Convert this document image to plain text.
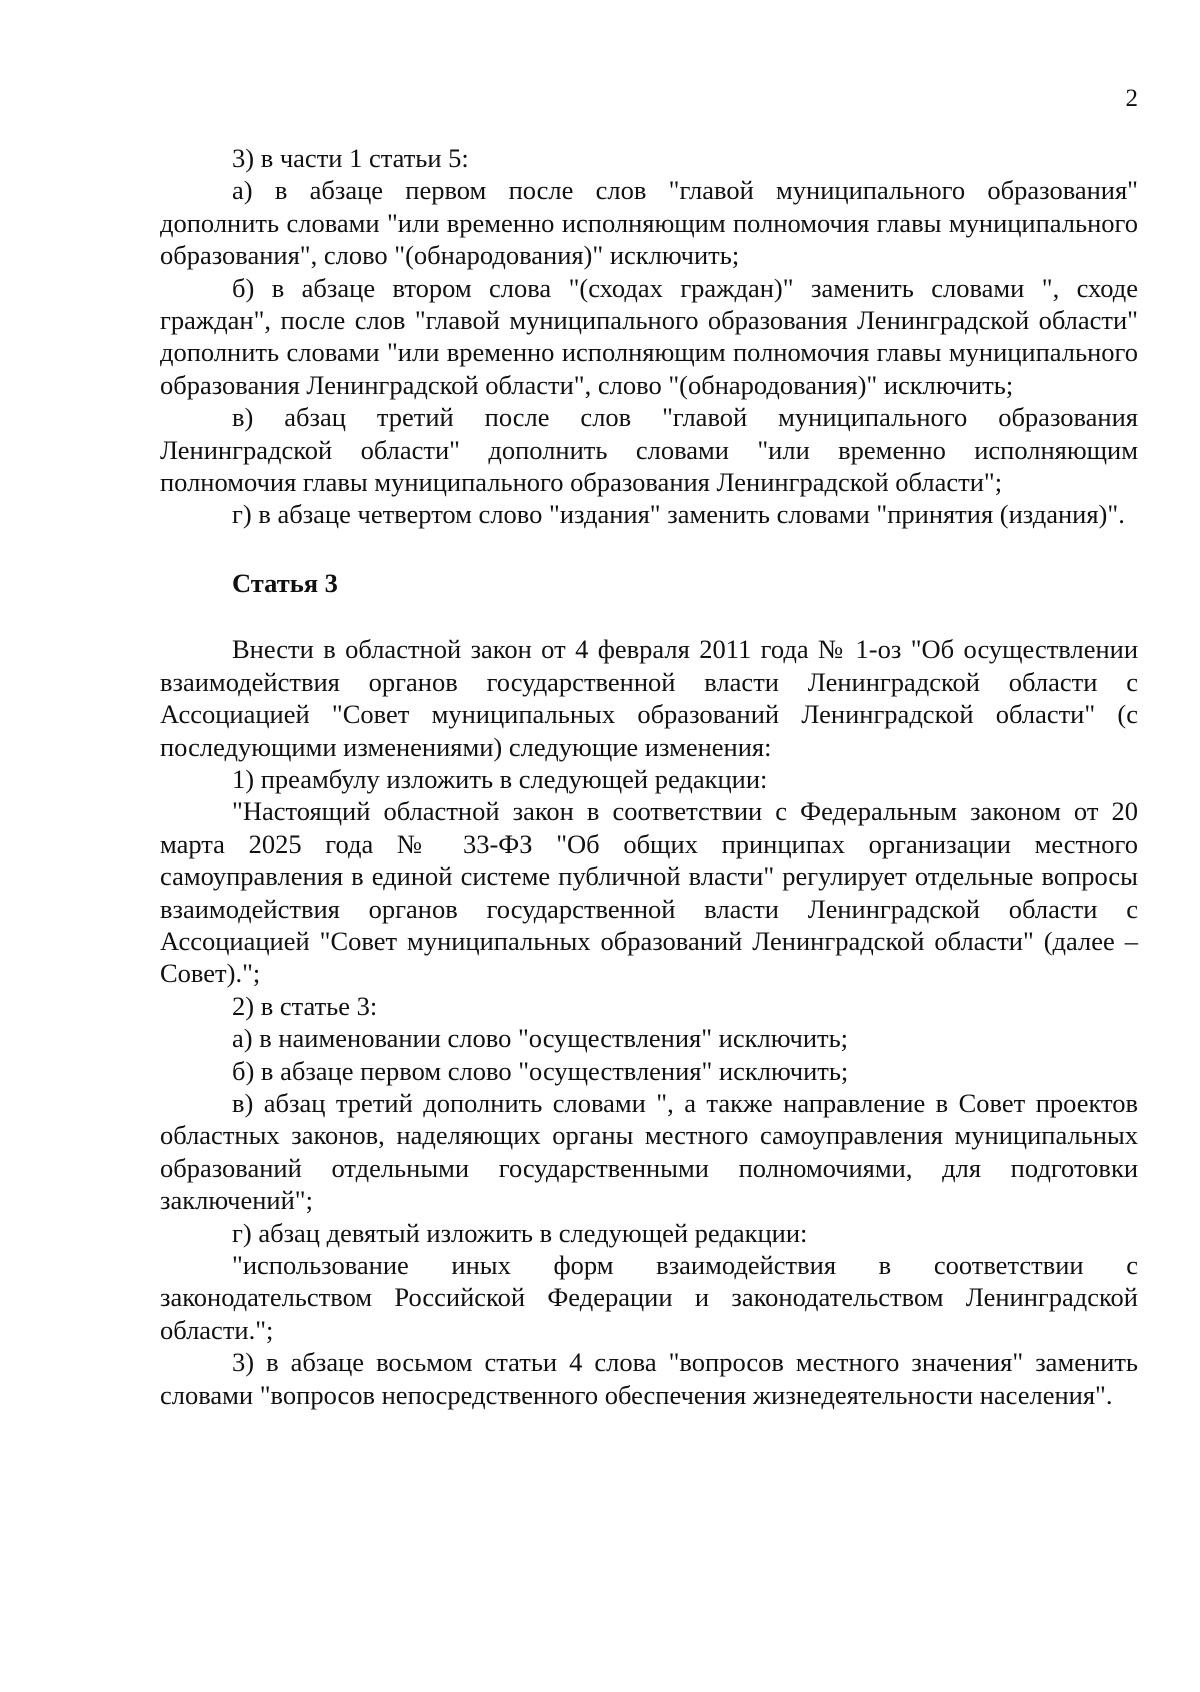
2

3) в части 1 статьи 5:

а) в абзаце первом после слов "главой муниципального образования" дополнить словами "или временно исполняющим полномочия главы муниципального образования", слово "(обнародования)" исключить;

б) в абзаце втором слова "(сходах граждан)" заменить словами ", сходе граждан", после слов "главой муниципального образования Ленинградской области" дополнить словами "или временно исполняющим полномочия главы муниципального образования Ленинградской области", слово "(обнародования)" исключить;

в) абзац третий после слов "главой муниципального образования Ленинградской области" дополнить словами "или временно исполняющим полномочия главы муниципального образования Ленинградской области";

г) в абзаце четвертом слово "издания" заменить словами "принятия (издания)".

Статья 3

Внести в областной закон от 4 февраля 2011 года № 1-оз "Об осуществлении взаимодействия органов государственной власти Ленинградской области с Ассоциацией "Совет муниципальных образований Ленинградской области" (с последующими изменениями) следующие изменения:

1) преамбулу изложить в следующей редакции:

"Настоящий областной закон в соответствии с Федеральным законом от 20 марта 2025 года № 33-ФЗ "Об общих принципах организации местного самоуправления в единой системе публичной власти" регулирует отдельные вопросы взаимодействия органов государственной власти Ленинградской области с Ассоциацией "Совет муниципальных образований Ленинградской области" (далее – Совет).";

2) в статье 3:

а) в наименовании слово "осуществления" исключить;

б) в абзаце первом слово "осуществления" исключить;

в) абзац третий дополнить словами ", а также направление в Совет проектов областных законов, наделяющих органы местного самоуправления муниципальных образований отдельными государственными полномочиями, для подготовки заключений";

г) абзац девятый изложить в следующей редакции:

"использование иных форм взаимодействия в соответствии с законодательством Российской Федерации и законодательством Ленинградской области.";

3) в абзаце восьмом статьи 4 слова "вопросов местного значения" заменить словами "вопросов непосредственного обеспечения жизнедеятельности населения".
